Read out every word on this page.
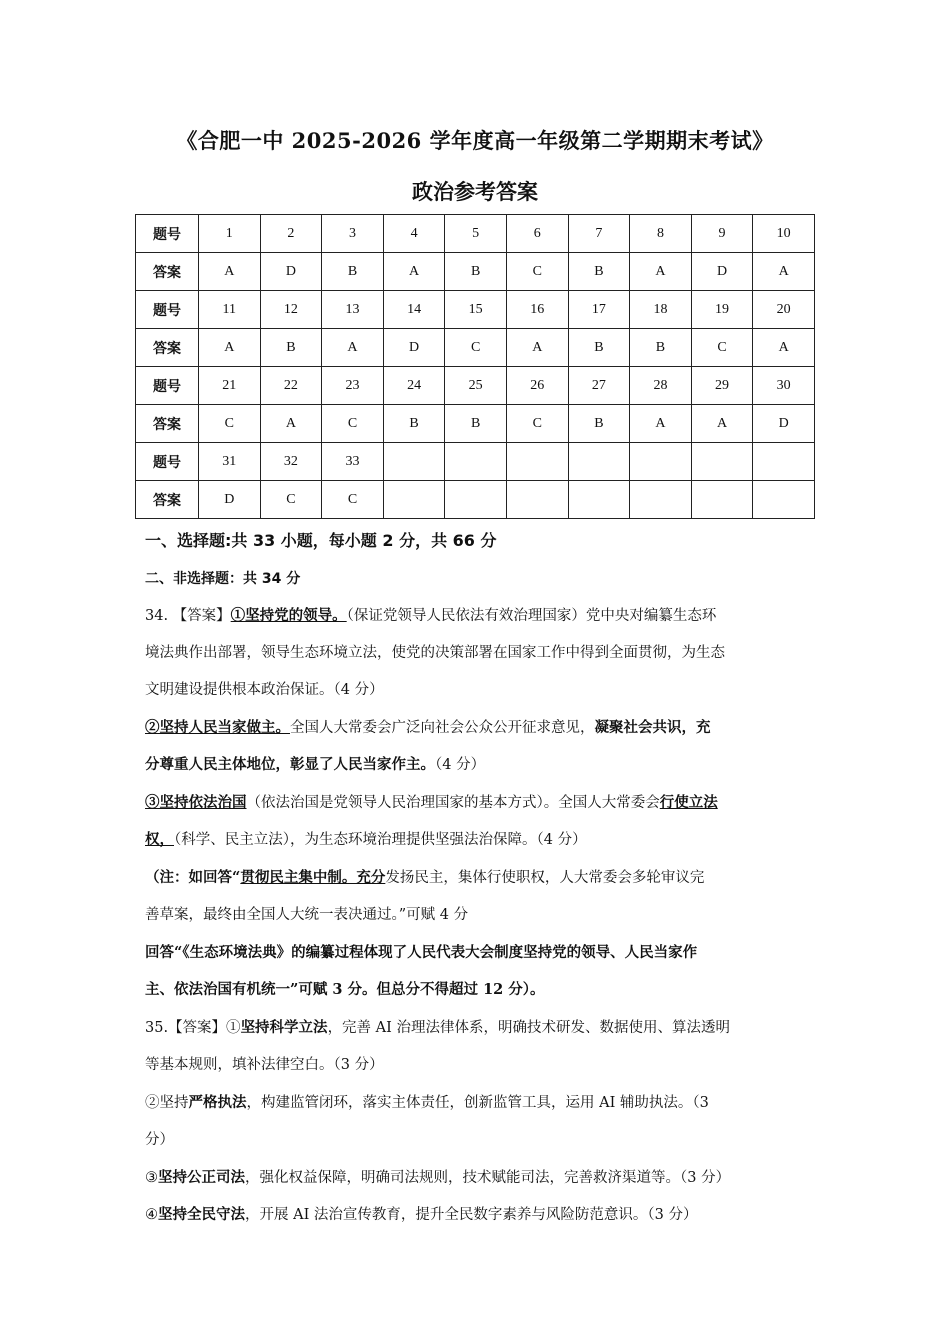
《合肥一中 2025-2026 学年度高一年级第二学期期末考试》
政治参考答案
题号	1	2	3	4	5	6	7	8	9	10
答案	A	D	B	A	B	C	B	A	D	A
题号	11	12	13	14	15	16	17	18	19	20
答案	A	B	A	D	C	A	B	B	C	A
题号	21	22	23	24	25	26	27	28	29	30
答案	C	A	C	B	B	C	B	A	A	D
题号	31	32	33							
答案	D	C	C							
一、选择题:共 33 小题，每小题 2 分，共 66 分
二、非选择题：共 34 分
34. 【答案】①坚持党的领导。（保证党领导人民依法有效治理国家）党中央对编纂生态环
境法典作出部署，领导生态环境立法，使党的决策部署在国家工作中得到全面贯彻，为生态
文明建设提供根本政治保证。（4 分）
②坚持人民当家做主。全国人大常委会广泛向社会公众公开征求意见，凝聚社会共识，充
分尊重人民主体地位，彰显了人民当家作主。（4 分）
③坚持依法治国（依法治国是党领导人民治理国家的基本方式）。全国人大常委会行使立法
权，（科学、民主立法），为生态环境治理提供坚强法治保障。（4 分）
（注：如回答“贯彻民主集中制。充分发扬民主，集体行使职权，人大常委会多轮审议完
善草案，最终由全国人大统一表决通过。”可赋 4 分
回答“《生态环境法典》的编纂过程体现了人民代表大会制度坚持党的领导、人民当家作
主、依法治国有机统一”可赋 3 分。但总分不得超过 12 分）。
35.【答案】①坚持科学立法，完善 AI 治理法律体系，明确技术研发、数据使用、算法透明
等基本规则，填补法律空白。（3 分）
②坚持严格执法，构建监管闭环，落实主体责任，创新监管工具，运用 AI 辅助执法。（3
分）
③坚持公正司法，强化权益保障，明确司法规则，技术赋能司法，完善救济渠道等。（3 分）
④坚持全民守法，开展 AI 法治宣传教育，提升全民数字素养与风险防范意识。（3 分）
